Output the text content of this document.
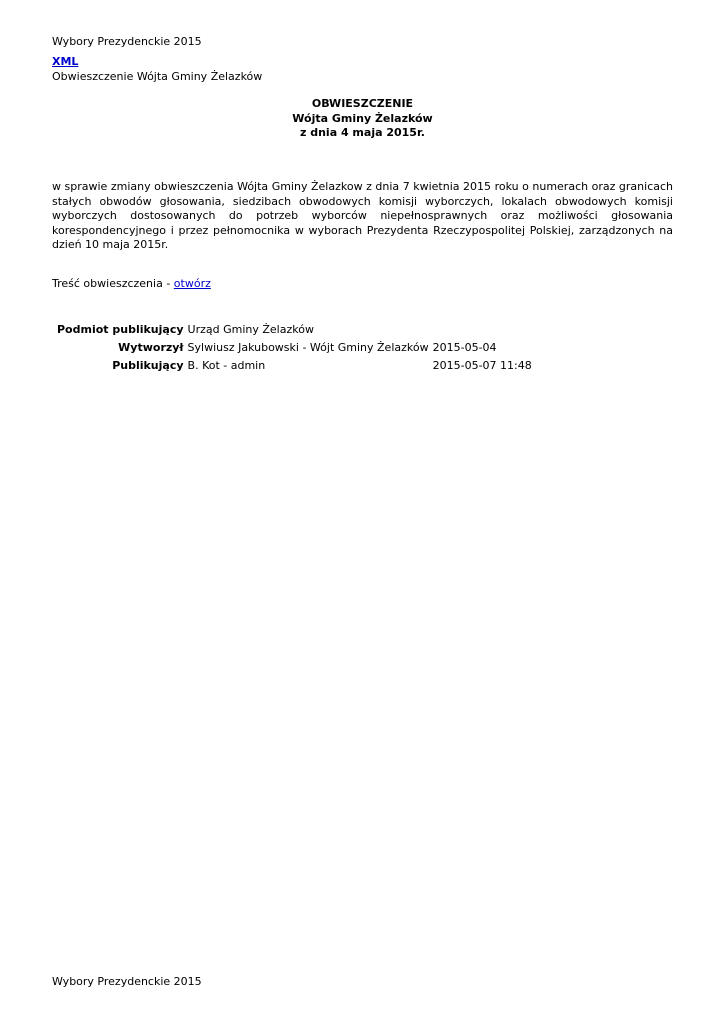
Wybory Prezydenckie 2015
XML
Obwieszczenie Wójta Gminy Żelazków
OBWIESZCZENIE
Wójta Gminy Żelazków
z dnia 4 maja 2015r.
w sprawie zmiany obwieszczenia Wójta Gminy Żelazkow z dnia 7 kwietnia 2015 roku o numerach oraz granicach stałych obwodów głosowania, siedzibach obwodowych komisji wyborczych, lokalach obwodowych komisji wyborczych dostosowanych do potrzeb wyborców niepełnosprawnych oraz możliwości głosowania korespondencyjnego i przez pełnomocnika w wyborach Prezydenta Rzeczypospolitej Polskiej, zarządzonych na dzień 10 maja 2015r.
Treść obwieszczenia - otwórz
Podmiot publikujący	Urząd Gminy Żelazków	
Wytworzył	Sylwiusz Jakubowski - Wójt Gminy Żelazków	2015-05-04
Publikujący	B. Kot - admin	2015-05-07 11:48
Wybory Prezydenckie 2015
